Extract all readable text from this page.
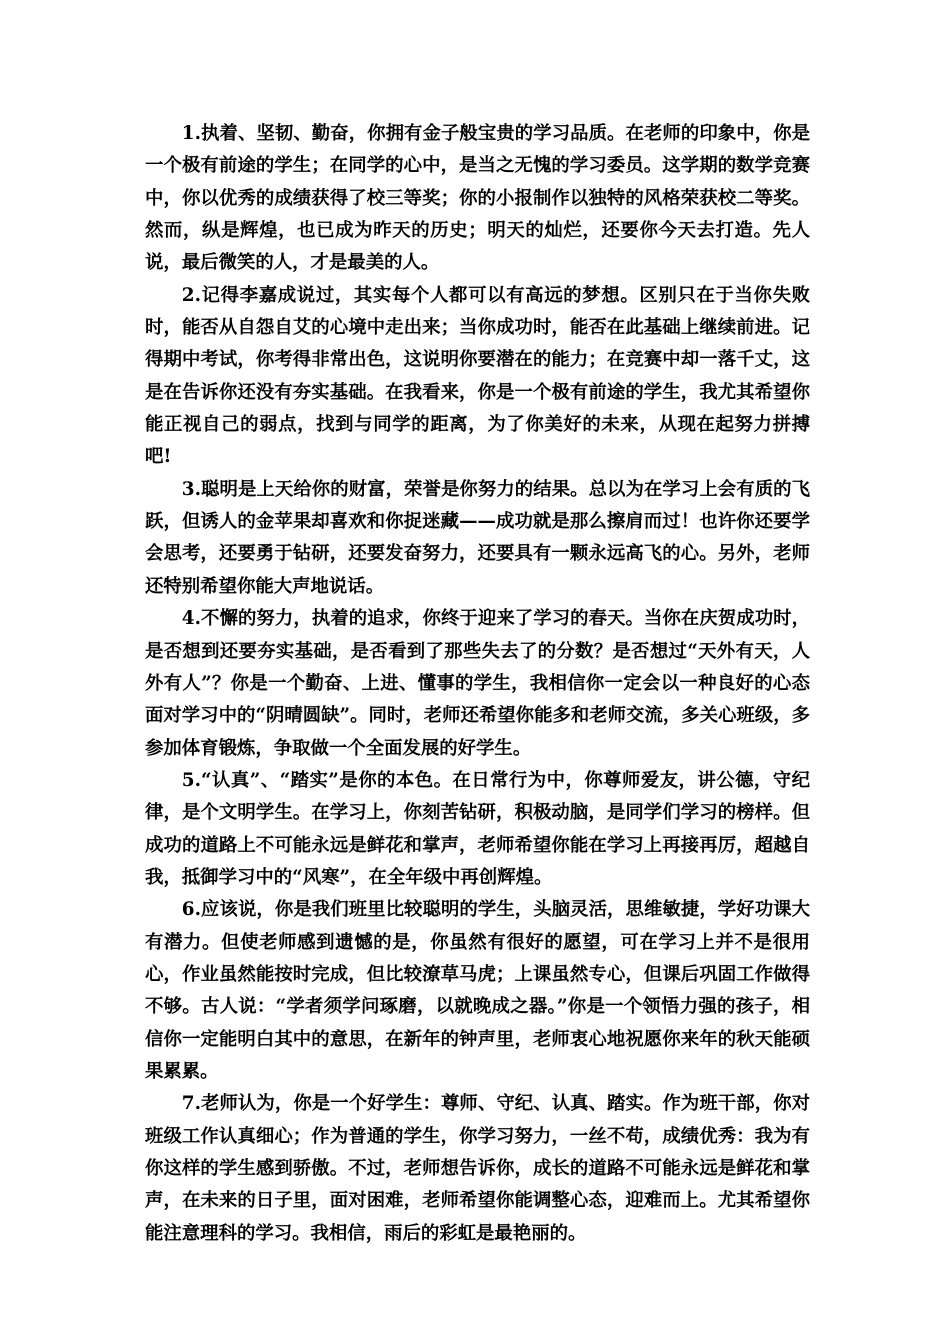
1.执着、坚韧、勤奋，你拥有金子般宝贵的学习品质。在老师的印象中，你是一个极有前途的学生；在同学的心中，是当之无愧的学习委员。这学期的数学竞赛中，你以优秀的成绩获得了校三等奖；你的小报制作以独特的风格荣获校二等奖。然而，纵是辉煌，也已成为昨天的历史；明天的灿烂，还要你今天去打造。先人说，最后微笑的人，才是最美的人。

2.记得李嘉成说过，其实每个人都可以有高远的梦想。区别只在于当你失败时，能否从自怨自艾的心境中走出来；当你成功时，能否在此基础上继续前进。记得期中考试，你考得非常出色，这说明你要潜在的能力；在竞赛中却一落千丈，这是在告诉你还没有夯实基础。在我看来，你是一个极有前途的学生，我尤其希望你能正视自己的弱点，找到与同学的距离，为了你美好的未来，从现在起努力拼搏吧!

3.聪明是上天给你的财富，荣誉是你努力的结果。总以为在学习上会有质的飞跃，但诱人的金苹果却喜欢和你捉迷藏——成功就是那么擦肩而过！也许你还要学会思考，还要勇于钻研，还要发奋努力，还要具有一颗永远高飞的心。另外，老师还特别希望你能大声地说话。

4.不懈的努力，执着的追求，你终于迎来了学习的春天。当你在庆贺成功时，是否想到还要夯实基础，是否看到了那些失去了的分数？是否想过“天外有天，人外有人”？你是一个勤奋、上进、懂事的学生，我相信你一定会以一种良好的心态面对学习中的“阴晴圆缺”。同时，老师还希望你能多和老师交流，多关心班级，多参加体育锻炼，争取做一个全面发展的好学生。

5.“认真”、“踏实”是你的本色。在日常行为中，你尊师爱友，讲公德，守纪律，是个文明学生。在学习上，你刻苦钻研，积极动脑，是同学们学习的榜样。但成功的道路上不可能永远是鲜花和掌声，老师希望你能在学习上再接再厉，超越自我，抵御学习中的“风寒”，在全年级中再创辉煌。

6.应该说，你是我们班里比较聪明的学生，头脑灵活，思维敏捷，学好功课大有潜力。但使老师感到遗憾的是，你虽然有很好的愿望，可在学习上并不是很用心，作业虽然能按时完成，但比较潦草马虎；上课虽然专心，但课后巩固工作做得不够。古人说：“学者须学问琢磨，以就晚成之器。”你是一个领悟力强的孩子，相信你一定能明白其中的意思，在新年的钟声里，老师衷心地祝愿你来年的秋天能硕果累累。

7.老师认为，你是一个好学生：尊师、守纪、认真、踏实。作为班干部，你对班级工作认真细心；作为普通的学生，你学习努力，一丝不苟，成绩优秀：我为有你这样的学生感到骄傲。不过，老师想告诉你，成长的道路不可能永远是鲜花和掌声，在未来的日子里，面对困难，老师希望你能调整心态，迎难而上。尤其希望你能注意理科的学习。我相信，雨后的彩虹是最艳丽的。
